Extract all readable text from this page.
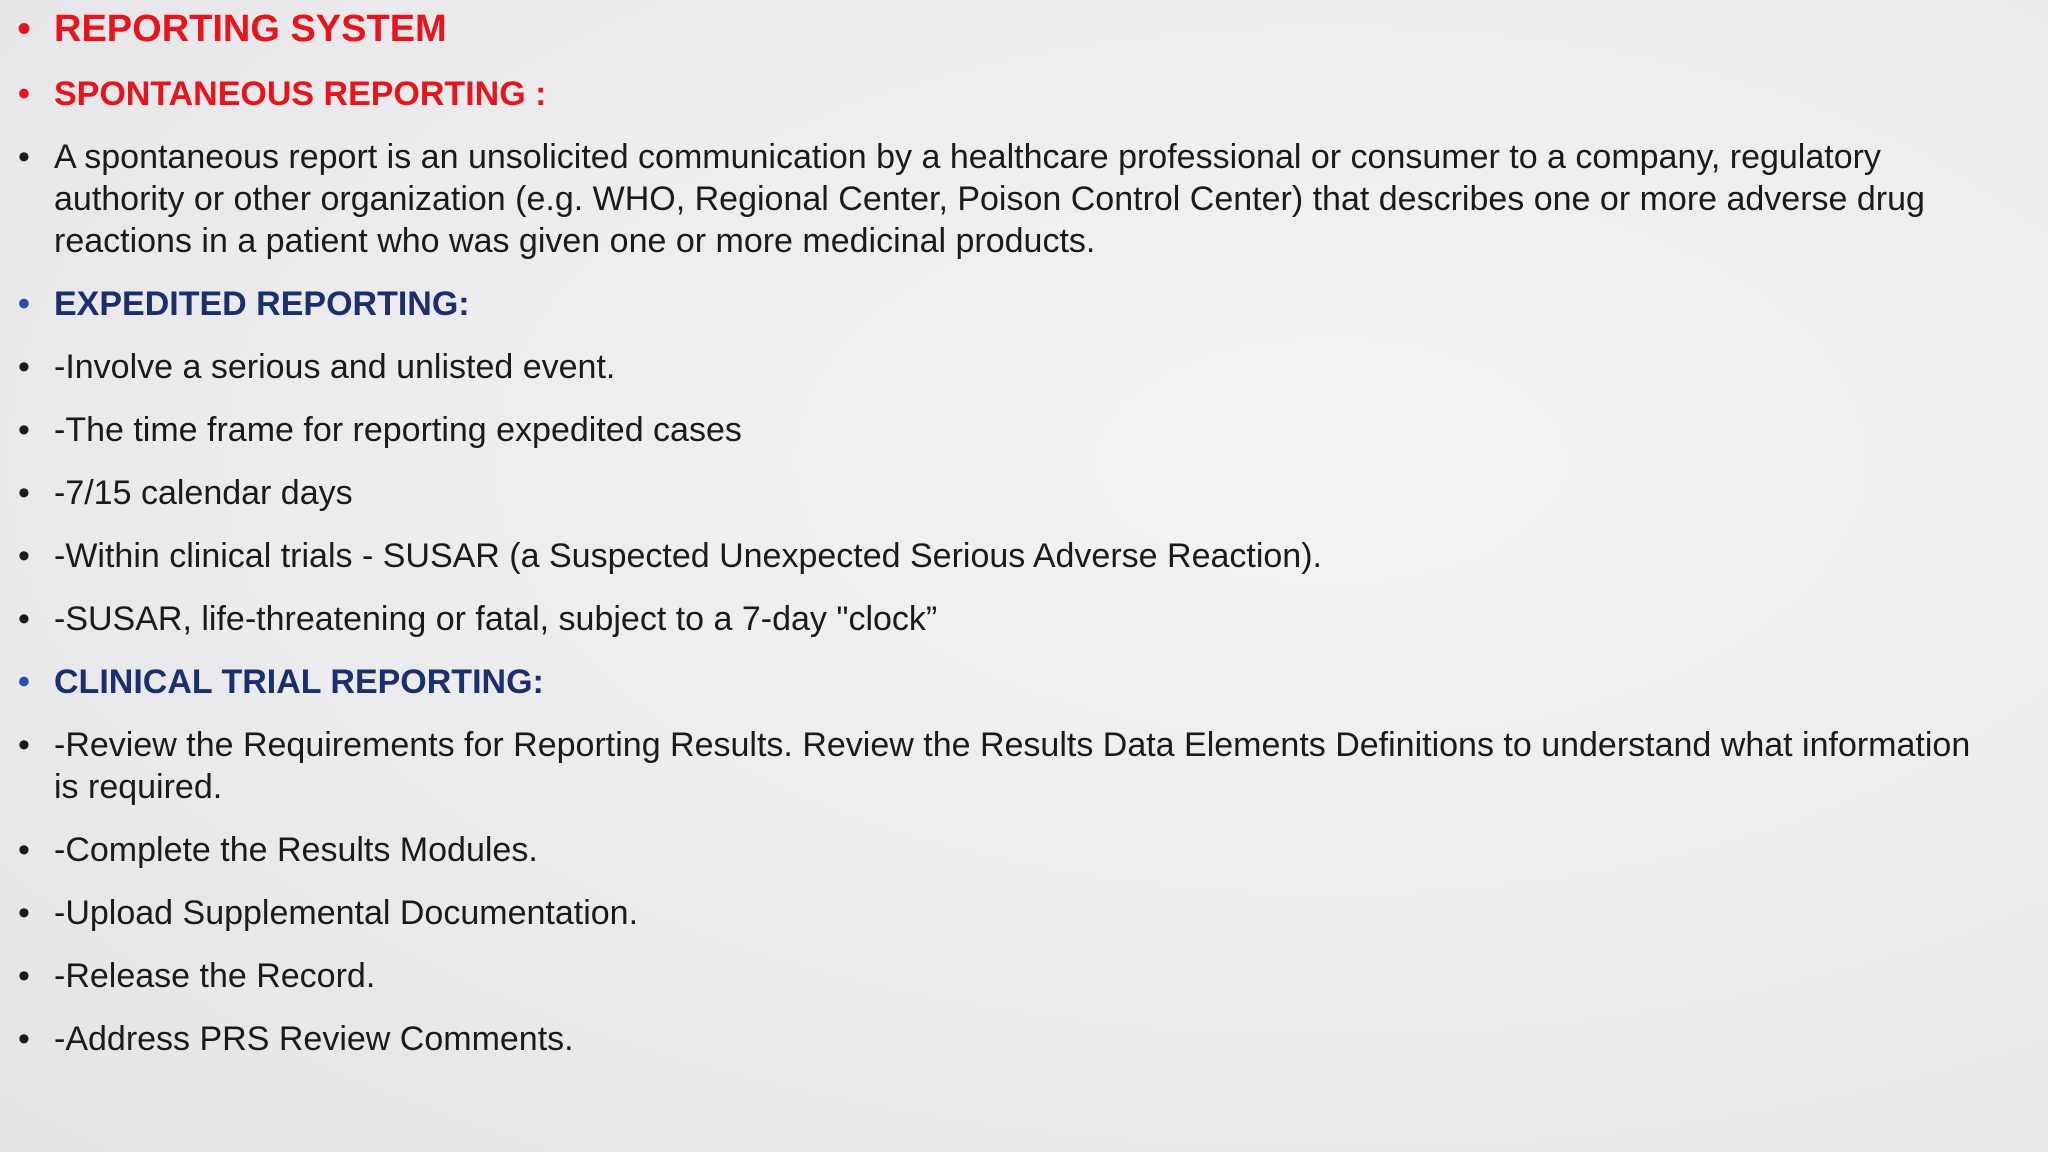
• REPORTING SYSTEM
• SPONTANEOUS REPORTING :
• A spontaneous report is an unsolicited communication by a healthcare professional or consumer to a company, regulatory authority or other organization (e.g. WHO, Regional Center, Poison Control Center) that describes one or more adverse drug reactions in a patient who was given one or more medicinal products.
• EXPEDITED REPORTING:
• -Involve a serious and unlisted event.
• -The time frame for reporting expedited cases
• -7/15 calendar days
• -Within clinical trials - SUSAR (a Suspected Unexpected Serious Adverse Reaction).
• -SUSAR, life-threatening or fatal, subject to a 7-day "clock”
• CLINICAL TRIAL REPORTING:
• -Review the Requirements for Reporting Results. Review the Results Data Elements Definitions to understand what information is required.
• -Complete the Results Modules.
• -Upload Supplemental Documentation.
• -Release the Record.
• -Address PRS Review Comments.
